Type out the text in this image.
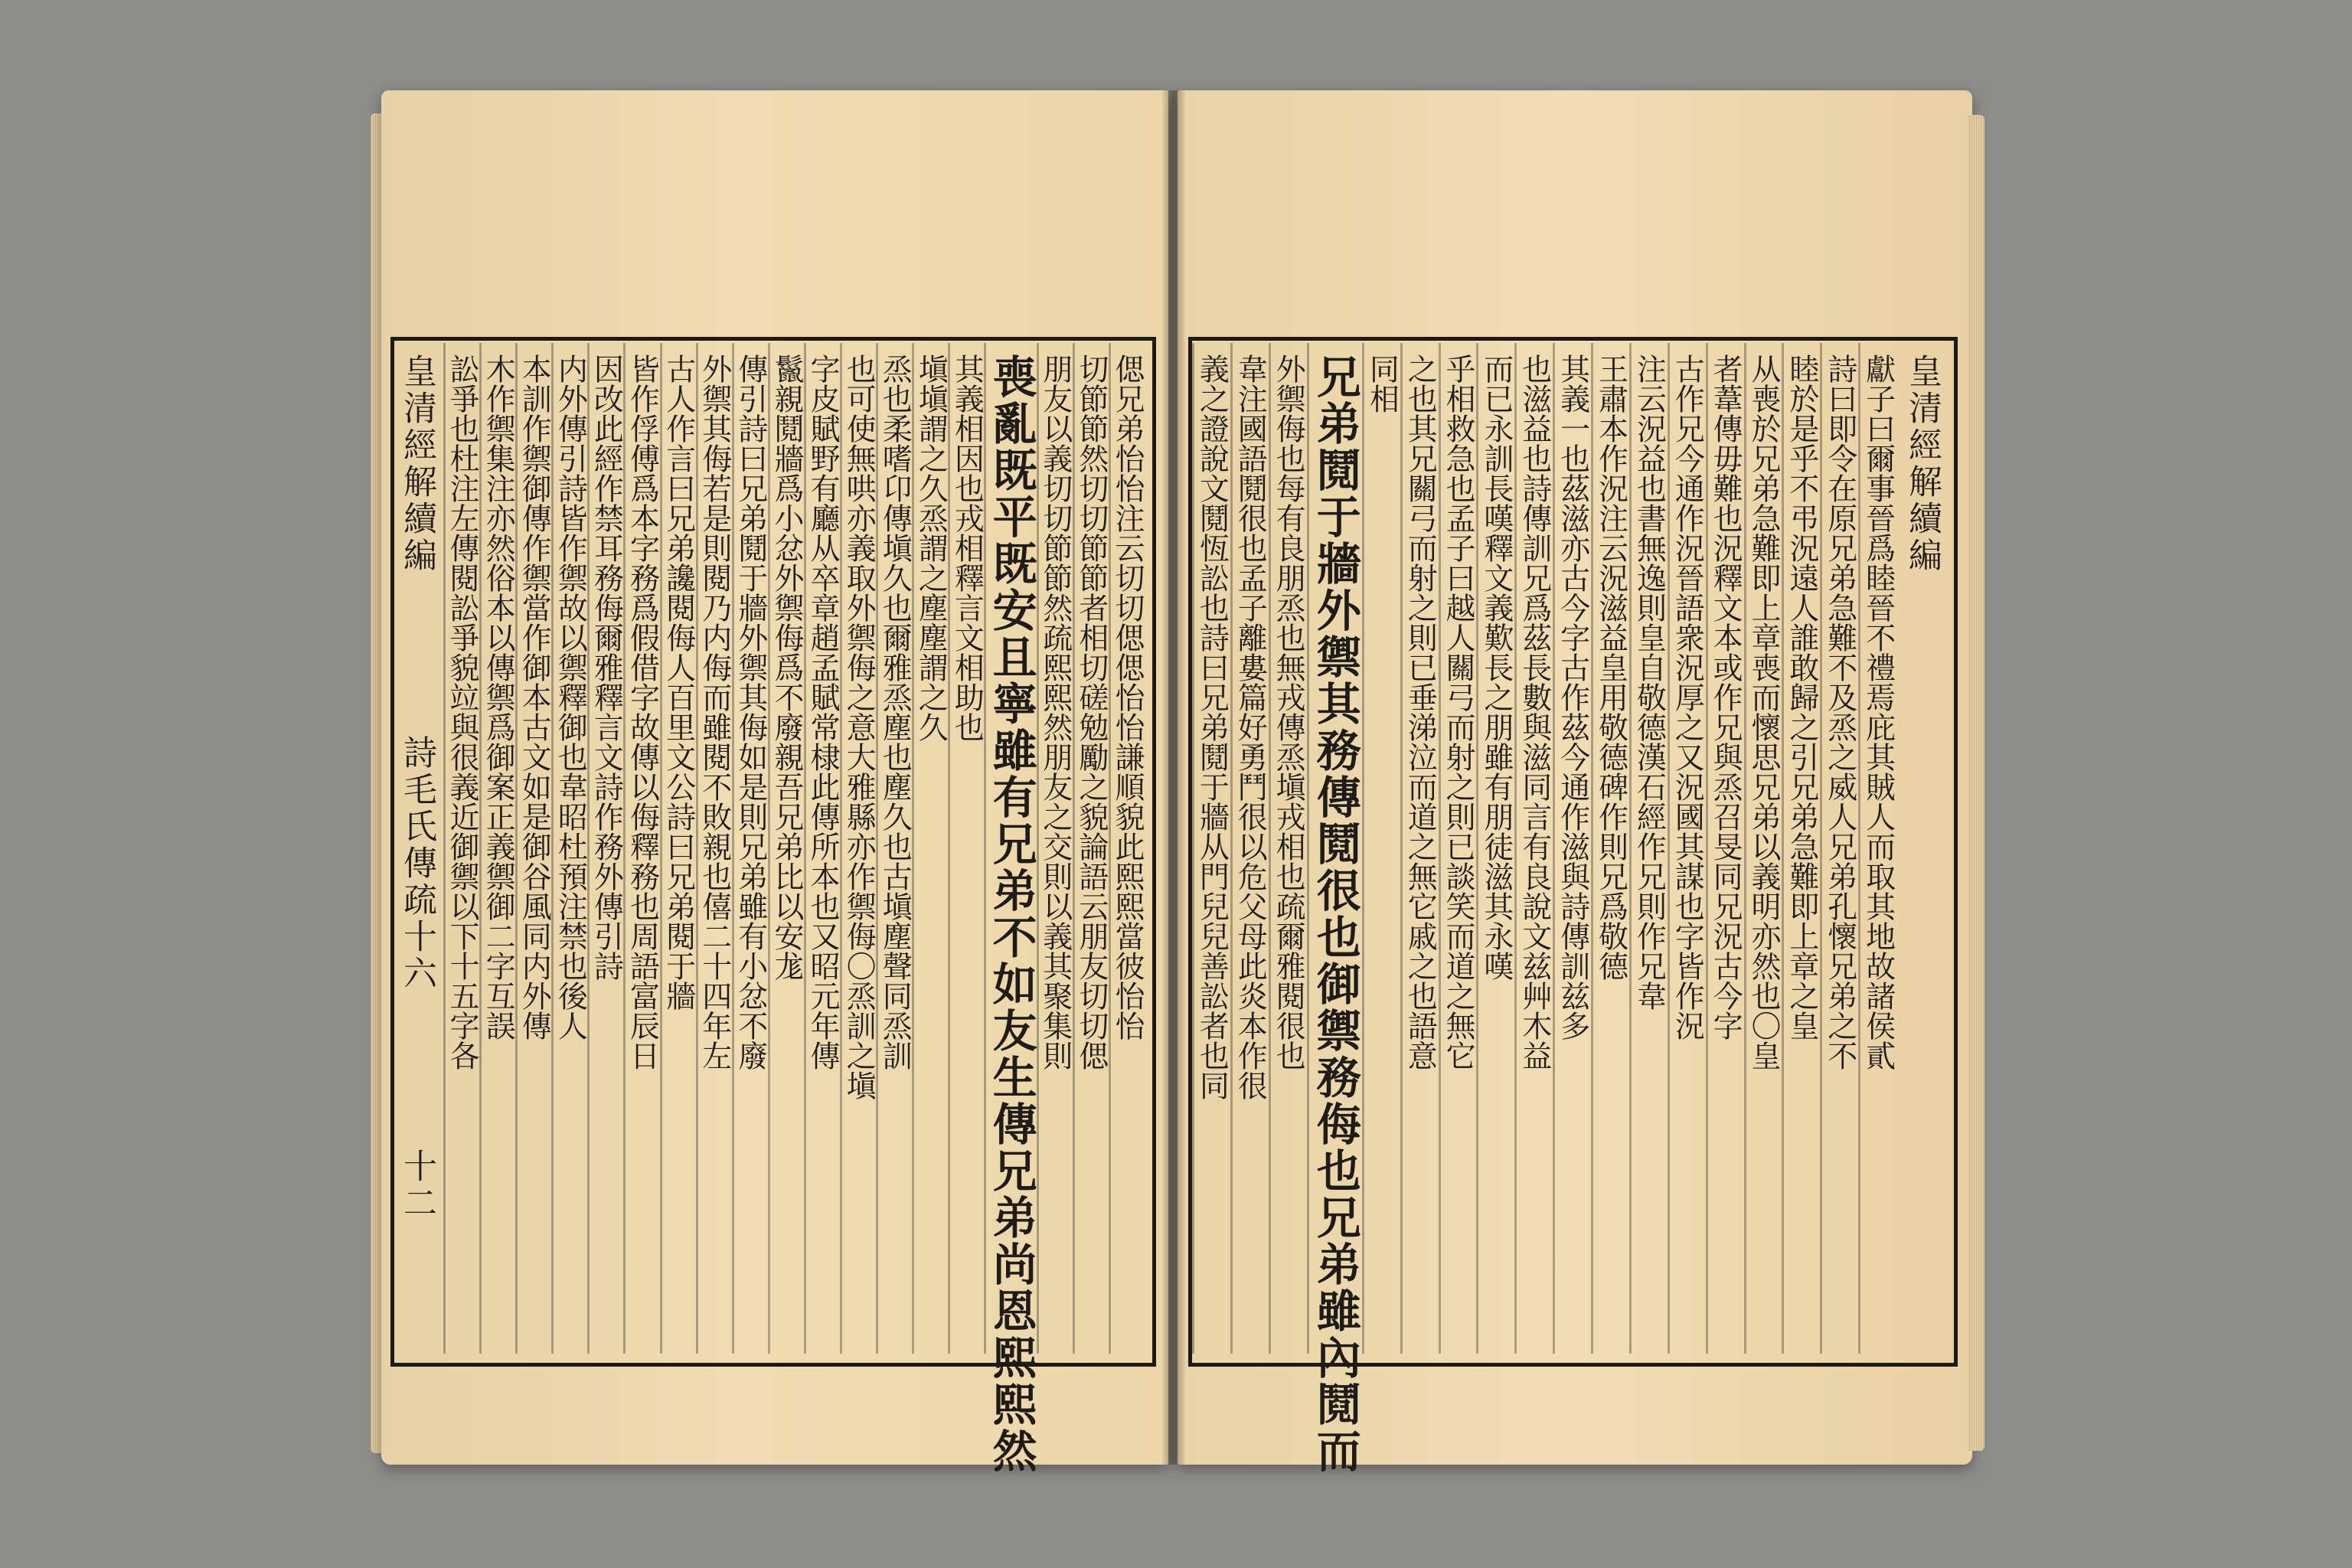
皇清經解續編
詩毛氏傳疏十六
十二
偲兄弟怡怡注云切切偲偲怡怡謙順貌此熙熙當彼怡怡
切節節然切切節節者相切磋勉勵之貌論語云朋友切切偲
朋友以義切切節節然疏熙熙然朋友之交則以義其聚集則
喪亂既平既安且寧雖有兄弟不如友生傳兄弟尚恩熙熙然
其義相因也戎相釋言文相助也
塡塡謂之久烝謂之塵塵謂之久
烝也柔嗜卬傳塡久也爾雅烝塵也塵久也古塡塵聲同烝訓
也可使無哄亦義取外禦侮之意大雅縣亦作禦侮〇烝訓之塡
字皮賦野有廳从卒章趙孟賦常棣此傳所本也又昭元年傳
鬣親鬩牆爲小忿外禦侮爲不廢親吾兄弟比以安尨
傳引詩曰兄弟鬩于牆外禦其侮如是則兄弟雖有小忿不廢
外禦其侮若是則閱乃内侮而雖閱不敗親也僖二十四年左
古人作言曰兄弟讒閱侮人百里文公詩曰兄弟閱于牆
皆作俘傅爲本字務爲假借字故傳以侮釋務也周語富辰日
因改此經作禁耳務侮爾雅釋言文詩作務外傳引詩
内外傳引詩皆作禦故以禦釋御也韋昭杜預注禁也後人
本訓作禦御傳作禦當作御本古文如是御谷風同内外傳
木作禦集注亦然俗本以傳禦爲御案正義禦御二字互誤
訟爭也杜注左傳閱訟爭貌竝與很義近御禦以下十五字各	皇清經解續編
獻子曰爾事晉爲睦晉不禮焉庇其賊人而取其地故諸侯貳
詩曰即令在原兄弟急難不及烝之威人兄弟孔懷兄弟之不
睦於是乎不弔況遠人誰敢歸之引兄弟急難即上章之皇
从喪於兄弟急難即上章喪而懷思兄弟以義明亦然也〇皇
者葦傳毋難也況釋文本或作兄與烝召旻同兄況古今字
古作兄今通作況晉語衆況厚之又況國其謀也字皆作況
注云況益也書無逸則皇自敬德漢石經作兄則作兄韋
王肅本作況注云況滋益皇用敬德碑作則兄爲敬德
其義一也茲滋亦古今字古作茲今通作滋與詩傳訓兹多
也滋益也詩傳訓兄爲茲長數與滋同言有良說文兹艸木益
而已永訓長嘆釋文義歎長之朋雖有朋徒滋其永嘆
乎相救急也孟子曰越人關弓而射之則已談笑而道之無它
之也其兄關弓而射之則已垂涕泣而道之無它戚之也語意
同相
兄弟鬩于牆外禦其務傳鬩很也御禦務侮也兄弟雖內鬩而
外禦侮也每有良朋烝也無戎傳烝塡戎相也疏爾雅閱很也
韋注國語鬩很也孟子離婁篇好勇鬥很以危父母此炎本作很
義之證說文鬩恆訟也詩曰兄弟鬩于牆从門兒兒善訟者也同
